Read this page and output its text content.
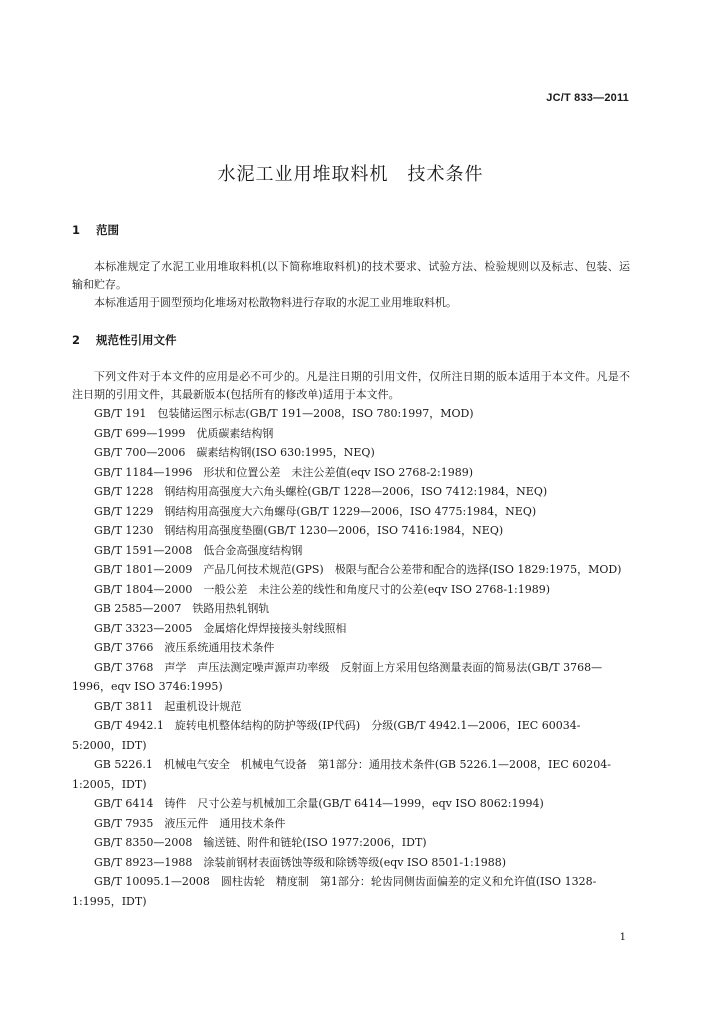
JC/T 833—2011
水泥工业用堆取料机　技术条件
1 范围
本标准规定了水泥工业用堆取料机(以下简称堆取料机)的技术要求、试验方法、检验规则以及标志、包装、运输和贮存。
本标准适用于圆型预均化堆场对松散物料进行存取的水泥工业用堆取料机。
2 规范性引用文件
下列文件对于本文件的应用是必不可少的。凡是注日期的引用文件，仅所注日期的版本适用于本文件。凡是不注日期的引用文件，其最新版本(包括所有的修改单)适用于本文件。

GB/T 191　包装储运图示标志(GB/T 191—2008，ISO 780:1997，MOD)

GB/T 699—1999　优质碳素结构钢

GB/T 700—2006　碳素结构钢(ISO 630:1995，NEQ)

GB/T 1184—1996　形状和位置公差　未注公差值(eqv ISO 2768-2:1989)

GB/T 1228　钢结构用高强度大六角头螺栓(GB/T 1228—2006，ISO 7412:1984，NEQ)

GB/T 1229　钢结构用高强度大六角螺母(GB/T 1229—2006，ISO 4775:1984，NEQ)

GB/T 1230　钢结构用高强度垫圈(GB/T 1230—2006，ISO 7416:1984，NEQ)

GB/T 1591—2008　低合金高强度结构钢

GB/T 1801—2009　产品几何技术规范(GPS)　极限与配合公差带和配合的选择(ISO 1829:1975，MOD)

GB/T 1804—2000　一般公差　未注公差的线性和角度尺寸的公差(eqv ISO 2768-1:1989)

GB 2585—2007　铁路用热轧钢轨

GB/T 3323—2005　金属熔化焊焊接接头射线照相

GB/T 3766　液压系统通用技术条件

GB/T 3768　声学　声压法测定噪声源声功率级　反射面上方采用包络测量表面的简易法(GB/T 3768—1996，eqv ISO 3746:1995)

GB/T 3811　起重机设计规范

GB/T 4942.1　旋转电机整体结构的防护等级(IP代码)　分级(GB/T 4942.1—2006，IEC 60034-5:2000，IDT)

GB 5226.1　机械电气安全　机械电气设备　第1部分：通用技术条件(GB 5226.1—2008，IEC 60204-1:2005，IDT)

GB/T 6414　铸件　尺寸公差与机械加工余量(GB/T 6414—1999，eqv ISO 8062:1994)

GB/T 7935　液压元件　通用技术条件

GB/T 8350—2008　输送链、附件和链轮(ISO 1977:2006，IDT)

GB/T 8923—1988　涂装前钢材表面锈蚀等级和除锈等级(eqv ISO 8501-1:1988)

GB/T 10095.1—2008　圆柱齿轮　精度制　第1部分：轮齿同侧齿面偏差的定义和允许值(ISO 1328-1:1995，IDT)

1
